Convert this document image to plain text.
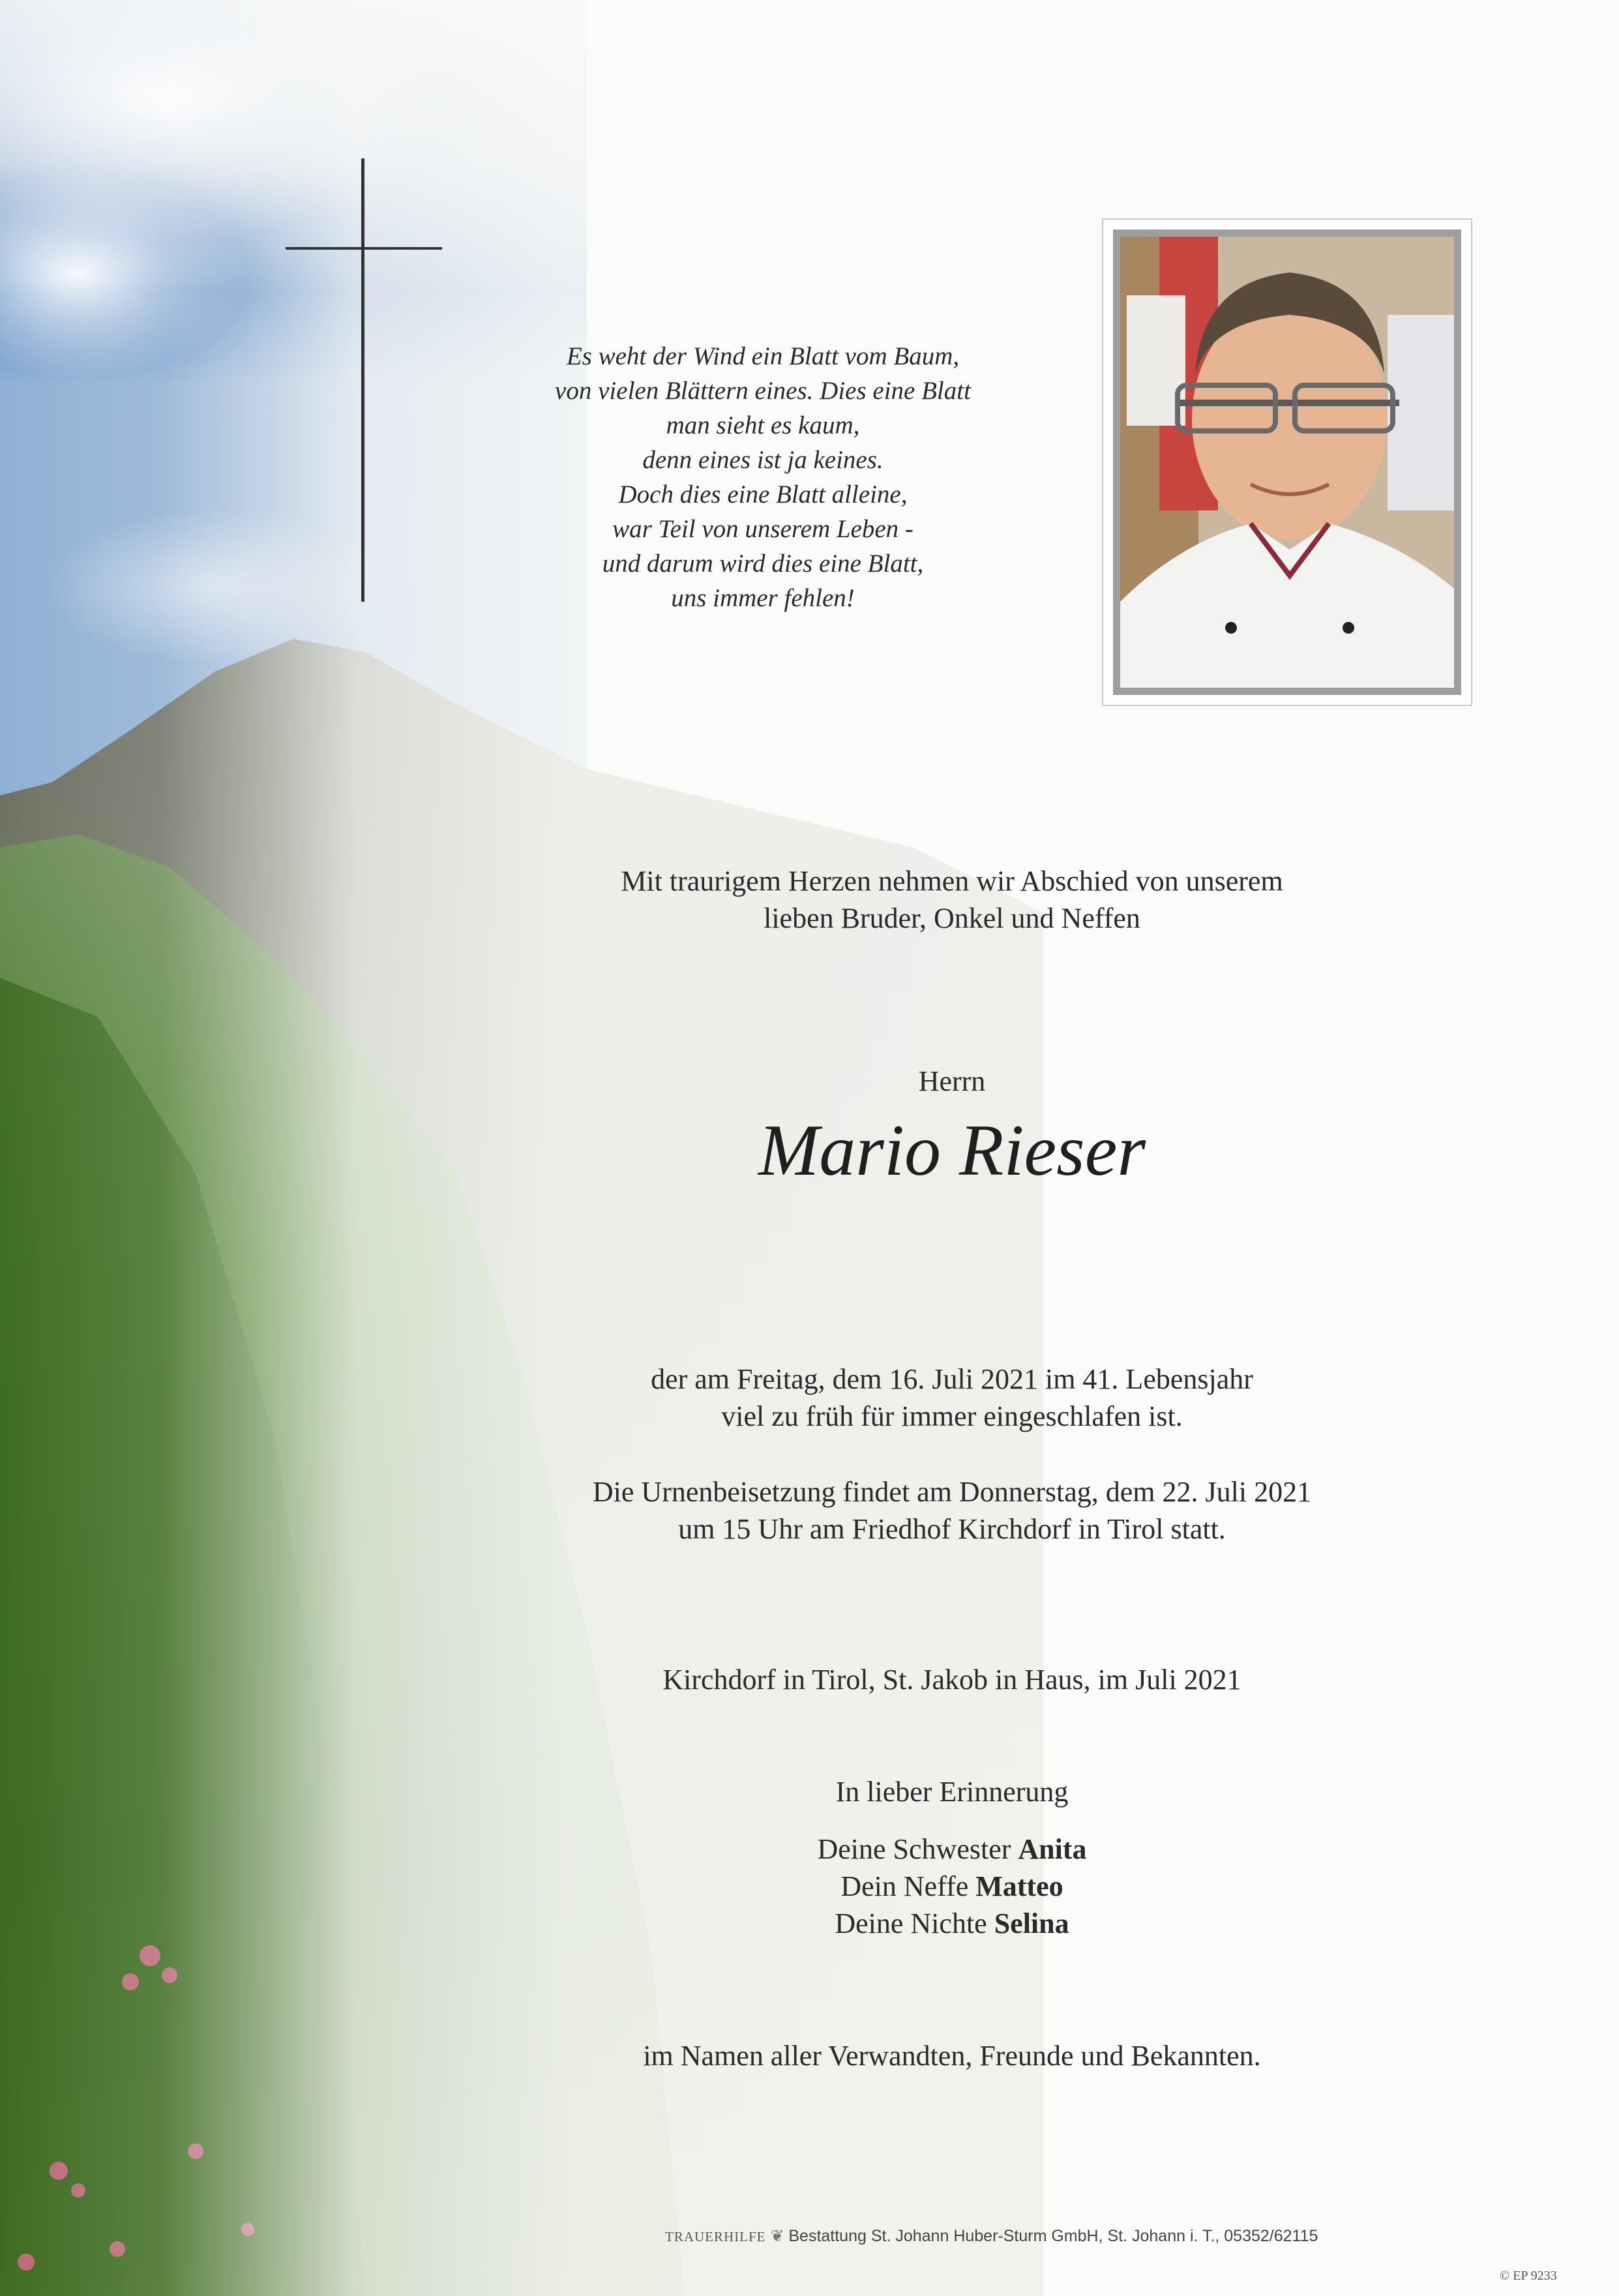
Es weht der Wind ein Blatt vom Baum,
von vielen Blättern eines. Dies eine Blatt
man sieht es kaum,
denn eines ist ja keines.
Doch dies eine Blatt alleine,
war Teil von unserem Leben -
und darum wird dies eine Blatt,
uns immer fehlen!
Mit traurigem Herzen nehmen wir Abschied von unserem
lieben Bruder, Onkel und Neffen
Herrn
Mario Rieser
der am Freitag, dem 16. Juli 2021 im 41. Lebensjahr
viel zu früh für immer eingeschlafen ist.
Die Urnenbeisetzung findet am Donnerstag, dem 22. Juli 2021
um 15 Uhr am Friedhof Kirchdorf in Tirol statt.
Kirchdorf in Tirol, St. Jakob in Haus, im Juli 2021
In lieber Erinnerung
Deine Schwester Anita
Dein Neffe Matteo
Deine Nichte Selina
im Namen aller Verwandten, Freunde und Bekannten.
TRAUERHILFE ❦ Bestattung St. Johann Huber-Sturm GmbH, St. Johann i. T., 05352/62115
© EP 9233
